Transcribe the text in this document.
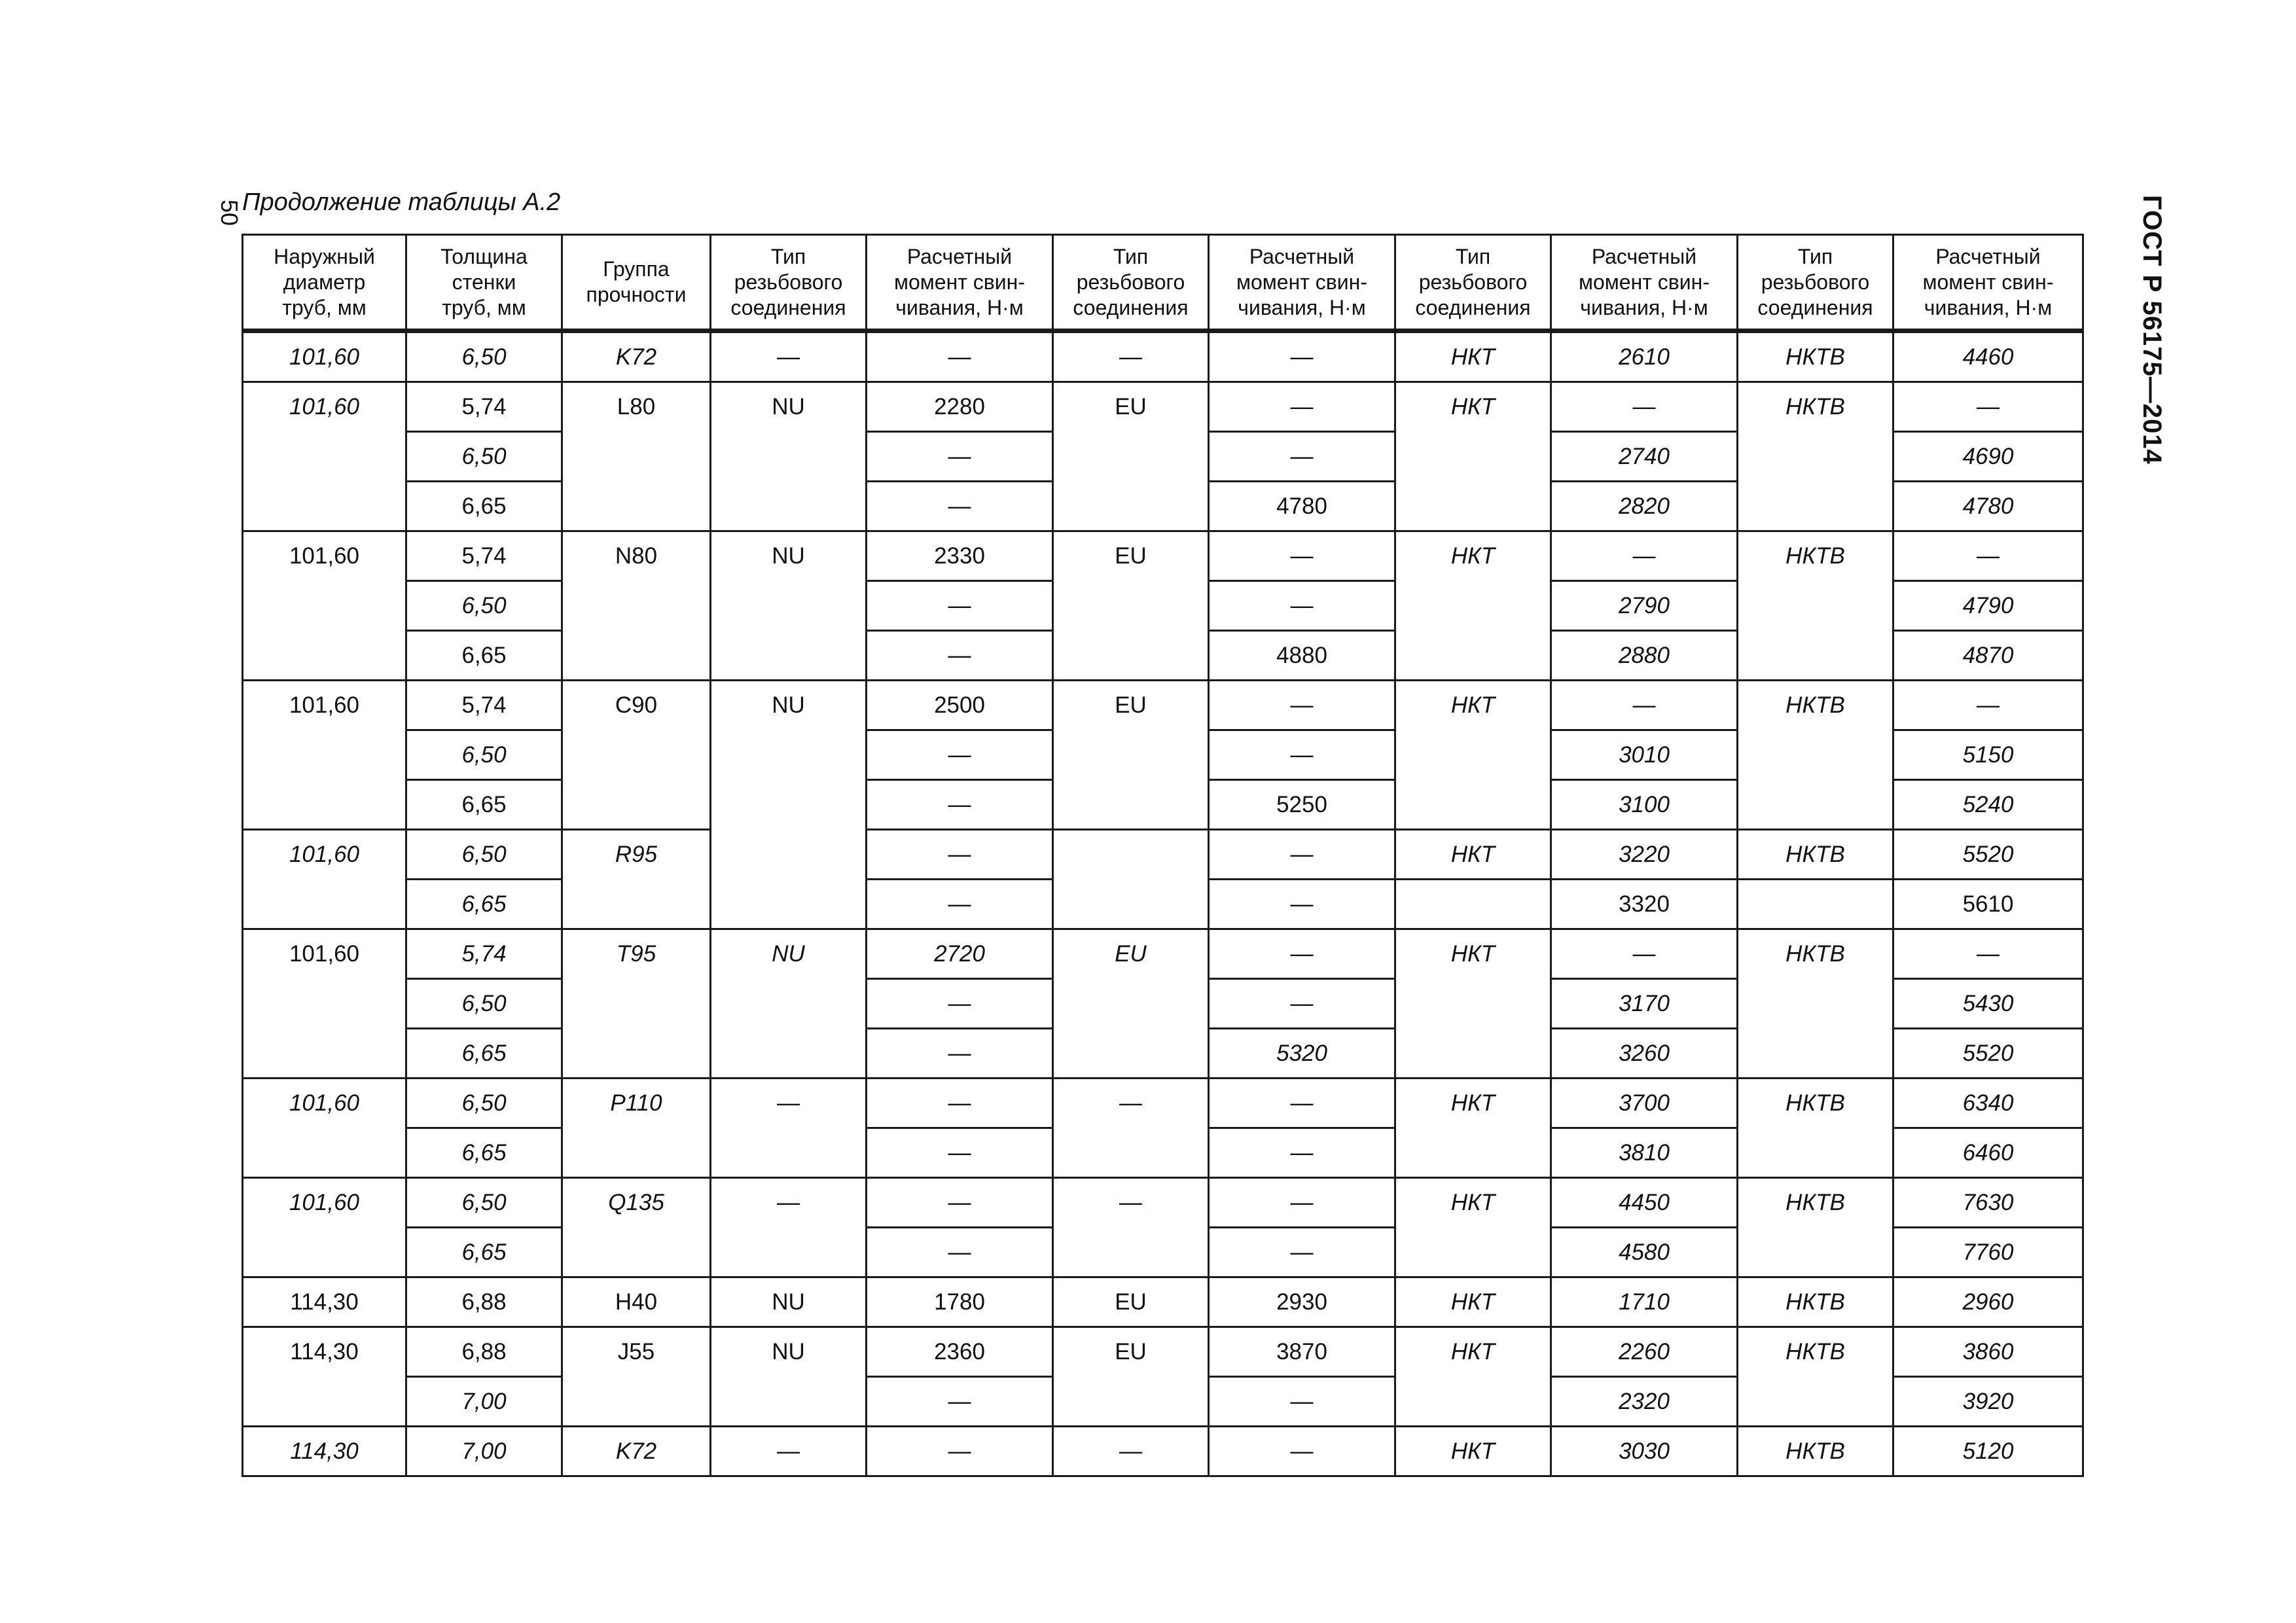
50 Продолжение таблицы А.2	ГОСТ Р 56175—2014
Наружный
диаметр
труб, мм	Толщина
стенки
труб, мм	Группа
прочности	Тип
резьбового
соединения	Расчетный
момент свин-
чивания, Н·м	Тип
резьбового
соединения	Расчетный
момент свин-
чивания, Н·м	Тип
резьбового
соединения	Расчетный
момент свин-
чивания, Н·м	Тип
резьбового
соединения	Расчетный
момент свин-
чивания, Н·м
101,60	6,50	K72	—	—	—	—	НКТ	2610	НКТВ	4460
101,60	5,74	L80	NU	2280	EU	—	НКТ	—	НКТВ	—
	6,50			—		—		2740		4690
	6,65			—		4780		2820		4780
101,60	5,74	N80	NU	2330	EU	—	НКТ	—	НКТВ	—
	6,50			—		—		2790		4790
	6,65			—		4880		2880		4870
101,60	5,74	C90	NU	2500	EU	—	НКТ	—	НКТВ	—
	6,50			—		—		3010		5150
	6,65			—		5250		3100		5240
101,60	6,50	R95		—		—	НКТ	3220	НКТВ	5520
	6,65			—		—		3320		5610
101,60	5,74	T95	NU	2720	EU	—	НКТ	—	НКТВ	—
	6,50			—		—		3170		5430
	6,65			—		5320		3260		5520
101,60	6,50	P110	—	—	—	—	НКТ	3700	НКТВ	6340
	6,65			—		—		3810		6460
101,60	6,50	Q135	—	—	—	—	НКТ	4450	НКТВ	7630
	6,65			—		—		4580		7760
114,30	6,88	H40	NU	1780	EU	2930	НКТ	1710	НКТВ	2960
114,30	6,88	J55	NU	2360	EU	3870	НКТ	2260	НКТВ	3860
	7,00			—		—		2320		3920
114,30	7,00	K72	—	—	—	—	НКТ	3030	НКТВ	5120
